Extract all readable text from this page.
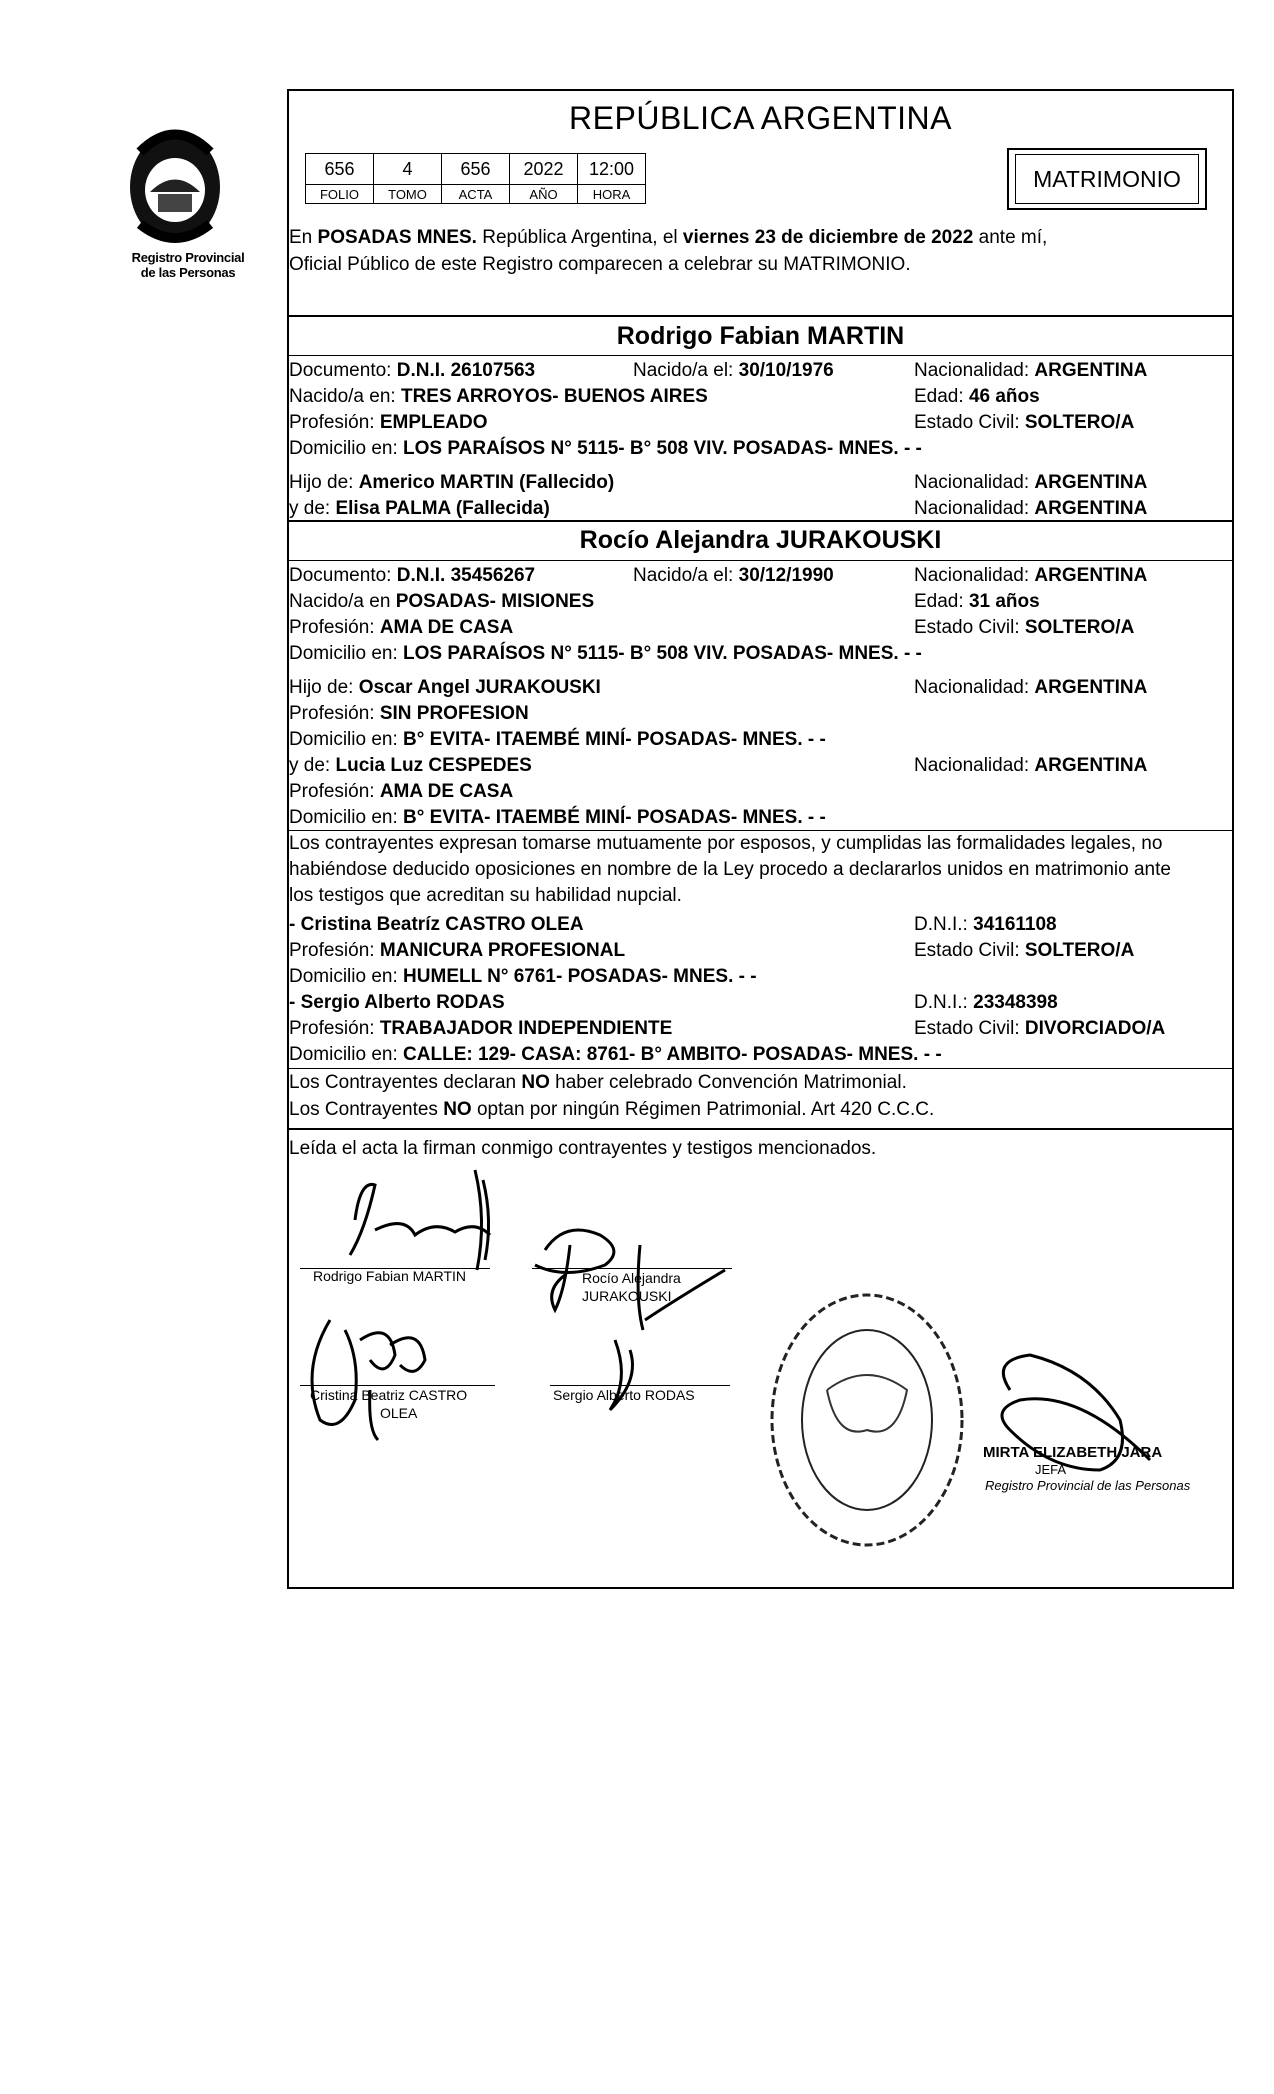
Registro Provincial
de las Personas
REPÚBLICA ARGENTINA
656	4	656	2022	12:00
FOLIO	TOMO	ACTA	AÑO	HORA
MATRIMONIO
En POSADAS MNES. República Argentina, el viernes 23 de diciembre de 2022 ante mí,
Oficial Público de este Registro comparecen a celebrar su MATRIMONIO.
Rodrigo Fabian MARTIN
Documento: D.N.I. 26107563	Nacido/a el: 30/10/1976	Nacionalidad: ARGENTINA
Nacido/a en: TRES ARROYOS- BUENOS AIRES	Edad: 46 años
Profesión: EMPLEADO	Estado Civil: SOLTERO/A
Domicilio en: LOS PARAÍSOS N° 5115- B° 508 VIV. POSADAS- MNES. - -
Hijo de: Americo MARTIN (Fallecido)	Nacionalidad: ARGENTINA
y de: Elisa PALMA (Fallecida)	Nacionalidad: ARGENTINA
Rocío Alejandra JURAKOUSKI
Documento: D.N.I. 35456267	Nacido/a el: 30/12/1990	Nacionalidad: ARGENTINA
Nacido/a en POSADAS- MISIONES	Edad: 31 años
Profesión: AMA DE CASA	Estado Civil: SOLTERO/A
Domicilio en: LOS PARAÍSOS N° 5115- B° 508 VIV. POSADAS- MNES. - -
Hijo de: Oscar Angel JURAKOUSKI	Nacionalidad: ARGENTINA
Profesión: SIN PROFESION
Domicilio en: B° EVITA- ITAEMBÉ MINÍ- POSADAS- MNES. - -
y de: Lucia Luz CESPEDES	Nacionalidad: ARGENTINA
Profesión: AMA DE CASA
Domicilio en: B° EVITA- ITAEMBÉ MINÍ- POSADAS- MNES. - -
Los contrayentes expresan tomarse mutuamente por esposos, y cumplidas las formalidades legales, no
habiéndose deducido oposiciones en nombre de la Ley procedo a declararlos unidos en matrimonio ante
los testigos que acreditan su habilidad nupcial.
- Cristina Beatríz CASTRO OLEA	D.N.I.: 34161108
Profesión: MANICURA PROFESIONAL	Estado Civil: SOLTERO/A
Domicilio en: HUMELL N° 6761- POSADAS- MNES. - -
- Sergio Alberto RODAS	D.N.I.: 23348398
Profesión: TRABAJADOR INDEPENDIENTE	Estado Civil: DIVORCIADO/A
Domicilio en: CALLE: 129- CASA: 8761- B° AMBITO- POSADAS- MNES. - -
Los Contrayentes declaran NO haber celebrado Convención Matrimonial.
Los Contrayentes NO optan por ningún Régimen Patrimonial. Art 420 C.C.C.
Leída el acta la firman conmigo contrayentes y testigos mencionados.
Rodrigo Fabian MARTIN	Rocío Alejandra
JURAKOUSKI
Cristina Beatriz CASTRO
OLEA
Sergio Alberto RODAS
MIRTA ELIZABETH JARA
JEFA
Registro Provincial de las Personas
